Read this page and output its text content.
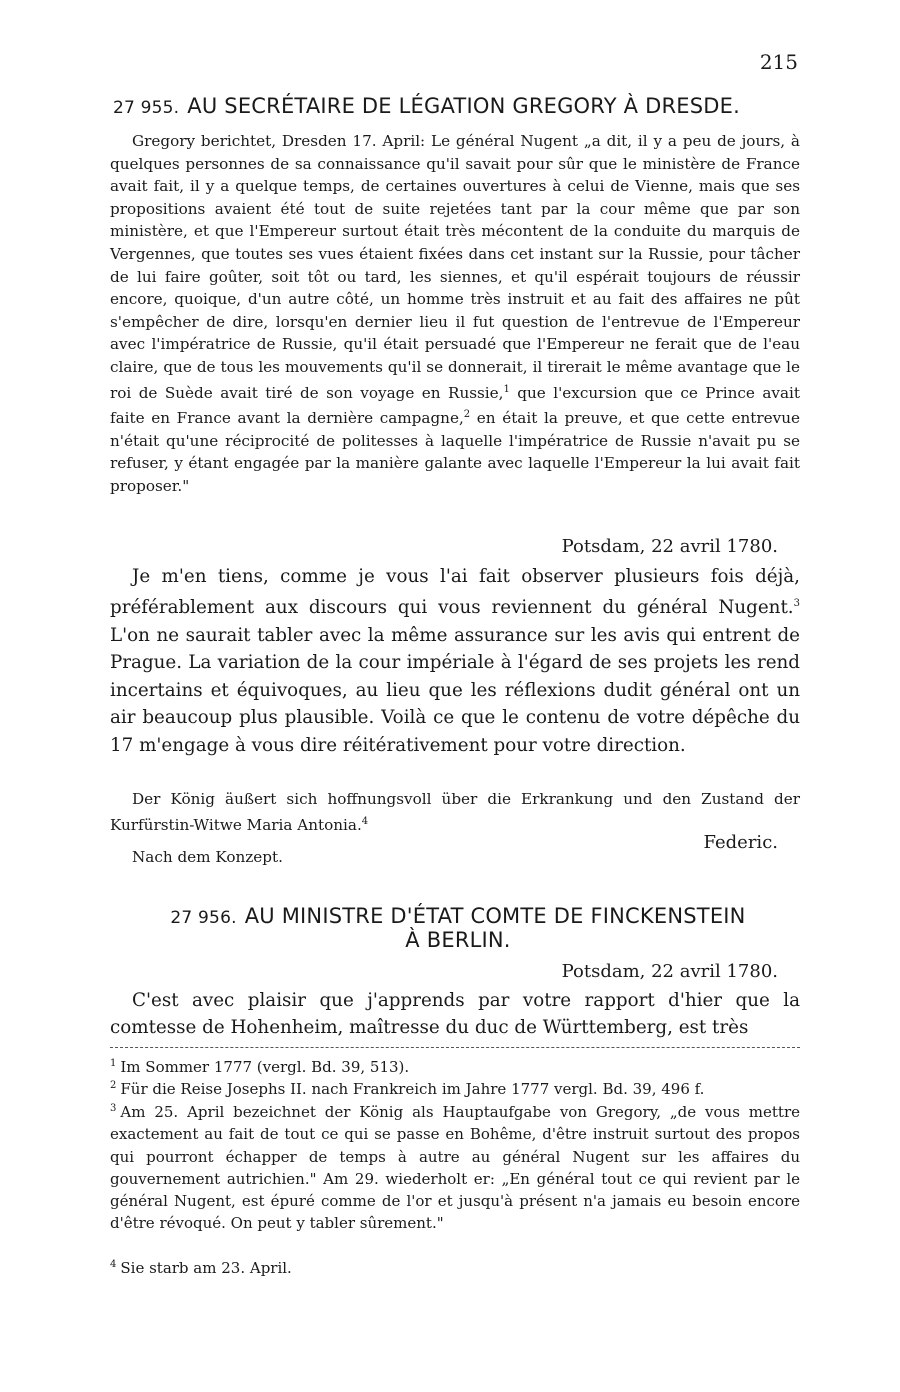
215
27 955. AU SECRÉTAIRE DE LÉGATION GREGORY À DRESDE.
Gregory berichtet, Dresden 17. April: Le général Nugent „a dit, il y a peu de jours, à quelques personnes de sa connaissance qu'il savait pour sûr que le ministère de France avait fait, il y a quelque temps, de certaines ouvertures à celui de Vienne, mais que ses propositions avaient été tout de suite rejetées tant par la cour même que par son ministère, et que l'Empereur surtout était très mécontent de la conduite du marquis de Vergennes, que toutes ses vues étaient fixées dans cet instant sur la Russie, pour tâcher de lui faire goûter, soit tôt ou tard, les siennes, et qu'il espérait toujours de réussir encore, quoique, d'un autre côté, un homme très instruit et au fait des affaires ne pût s'empêcher de dire, lorsqu'en dernier lieu il fut question de l'entrevue de l'Empereur avec l'impératrice de Russie, qu'il était persuadé que l'Empereur ne ferait que de l'eau claire, que de tous les mouvements qu'il se donnerait, il tirerait le même avantage que le roi de Suède avait tiré de son voyage en Russie,$^1$ que l'excursion que ce Prince avait faite en France avant la dernière campagne,$^2$ en était la preuve, et que cette entrevue n'était qu'une réciprocité de politesses à laquelle l'impératrice de Russie n'avait pu se refuser, y étant engagée par la manière galante avec laquelle l'Empereur la lui avait fait proposer."
Potsdam, 22 avril 1780.
Je m'en tiens, comme je vous l'ai fait observer plusieurs fois déjà, préférablement aux discours qui vous reviennent du général Nugent.$^3$ L'on ne saurait tabler avec la même assurance sur les avis qui entrent de Prague. La variation de la cour impériale à l'égard de ses projets les rend incertains et équivoques, au lieu que les réflexions dudit général ont un air beaucoup plus plausible. Voilà ce que le contenu de votre dépêche du 17 m'engage à vous dire réitérativement pour votre direction.
Der König äußert sich hoffnungsvoll über die Erkrankung und den Zustand der Kurfürstin-Witwe Maria Antonia.$^4$
Federic.
Nach dem Konzept.
27 956. AU MINISTRE D'ÉTAT COMTE DE FINCKENSTEIN
À BERLIN.
Potsdam, 22 avril 1780.
C'est avec plaisir que j'apprends par votre rapport d'hier que la comtesse de Hohenheim, maîtresse du duc de Württemberg, est très
$^1$ Im Sommer 1777 (vergl. Bd. 39, 513).
$^2$ Für die Reise Josephs II. nach Frankreich im Jahre 1777 vergl. Bd. 39, 496 f.
$^3$ Am 25. April bezeichnet der König als Hauptaufgabe von Gregory, „de vous mettre exactement au fait de tout ce qui se passe en Bohême, d'être instruit surtout des propos qui pourront échapper de temps à autre au général Nugent sur les affaires du gouvernement autrichien." Am 29. wiederholt er: „En général tout ce qui revient par le général Nugent, est épuré comme de l'or et jusqu'à présent n'a jamais eu besoin encore d'être révoqué. On peut y tabler sûrement."
$^4$ Sie starb am 23. April.
